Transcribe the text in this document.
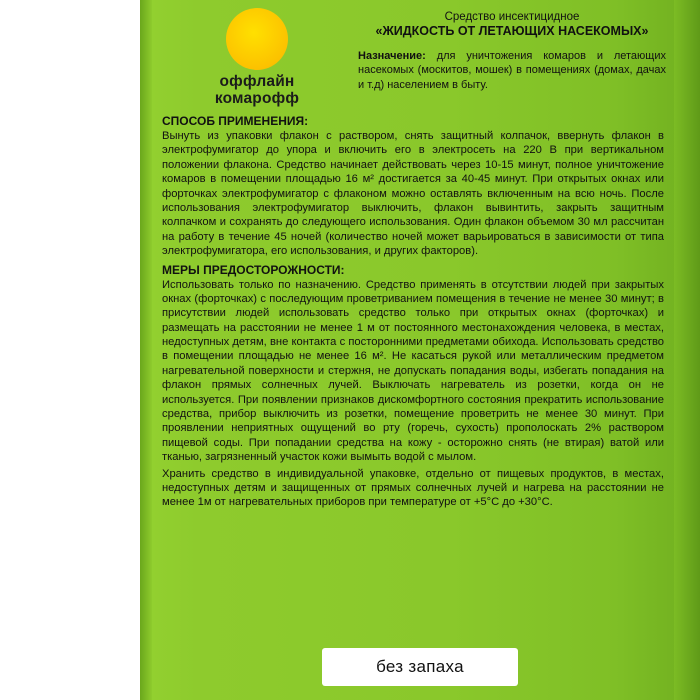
оффлайн
комарофф
Средство инсектицидное
«ЖИДКОСТЬ ОТ ЛЕТАЮЩИХ НАСЕКОМЫХ»
Назначение: для уничтожения комаров и летающих насекомых (москитов, мошек) в помещениях (домах, дачах и т.д) населением в быту.
СПОСОБ ПРИМЕНЕНИЯ:

Вынуть из упаковки флакон с раствором, снять защитный колпачок, ввернуть флакон в электрофумигатор до упора и включить его в электросеть на 220 В при вертикальном положении флакона. Средство начинает действовать через 10-15 минут, полное уничтожение комаров в помещении площадью 16 м² достигается за 40-45 минут. При открытых окнах или форточках электрофумигатор с флаконом можно оставлять включенным на всю ночь. После использования электрофумигатор выключить, флакон вывинтить, закрыть защитным колпачком и сохранять до следующего использования. Один флакон объемом 30 мл рассчитан на работу в течение 45 ночей (количество ночей может варьироваться в зависимости от типа электрофумигатора, его использования, и других факторов).

МЕРЫ ПРЕДОСТОРОЖНОСТИ:

Использовать только по назначению. Средство применять в отсутствии людей при закрытых окнах (форточках) с последующим проветриванием помещения в течение не менее 30 минут; в присутствии людей использовать средство только при открытых окнах (форточках) и размещать на расстоянии не менее 1 м от постоянного местонахождения человека, в местах, недоступных детям, вне контакта с посторонними предметами обихода. Использовать средство в помещении площадью не менее 16 м². Не касаться рукой или металлическим предметом нагревательной поверхности и стержня, не допускать попадания воды, избегать попадания на флакон прямых солнечных лучей. Выключать нагреватель из розетки, когда он не используется. При появлении признаков дискомфортного состояния прекратить использование средства, прибор выключить из розетки, помещение проветрить не менее 30 минут. При проявлении неприятных ощущений во рту (горечь, сухость) прополоскать 2% раствором пищевой соды. При попадании средства на кожу - осторожно снять (не втирая) ватой или тканью, загрязненный участок кожи вымыть водой с мылом.

Хранить средство в индивидуальной упаковке, отдельно от пищевых продуктов, в местах, недоступных детям и защищенных от прямых солнечных лучей и нагрева на расстоянии не менее 1м от нагревательных приборов при температуре от +5°С до +30°С.

без запаха
